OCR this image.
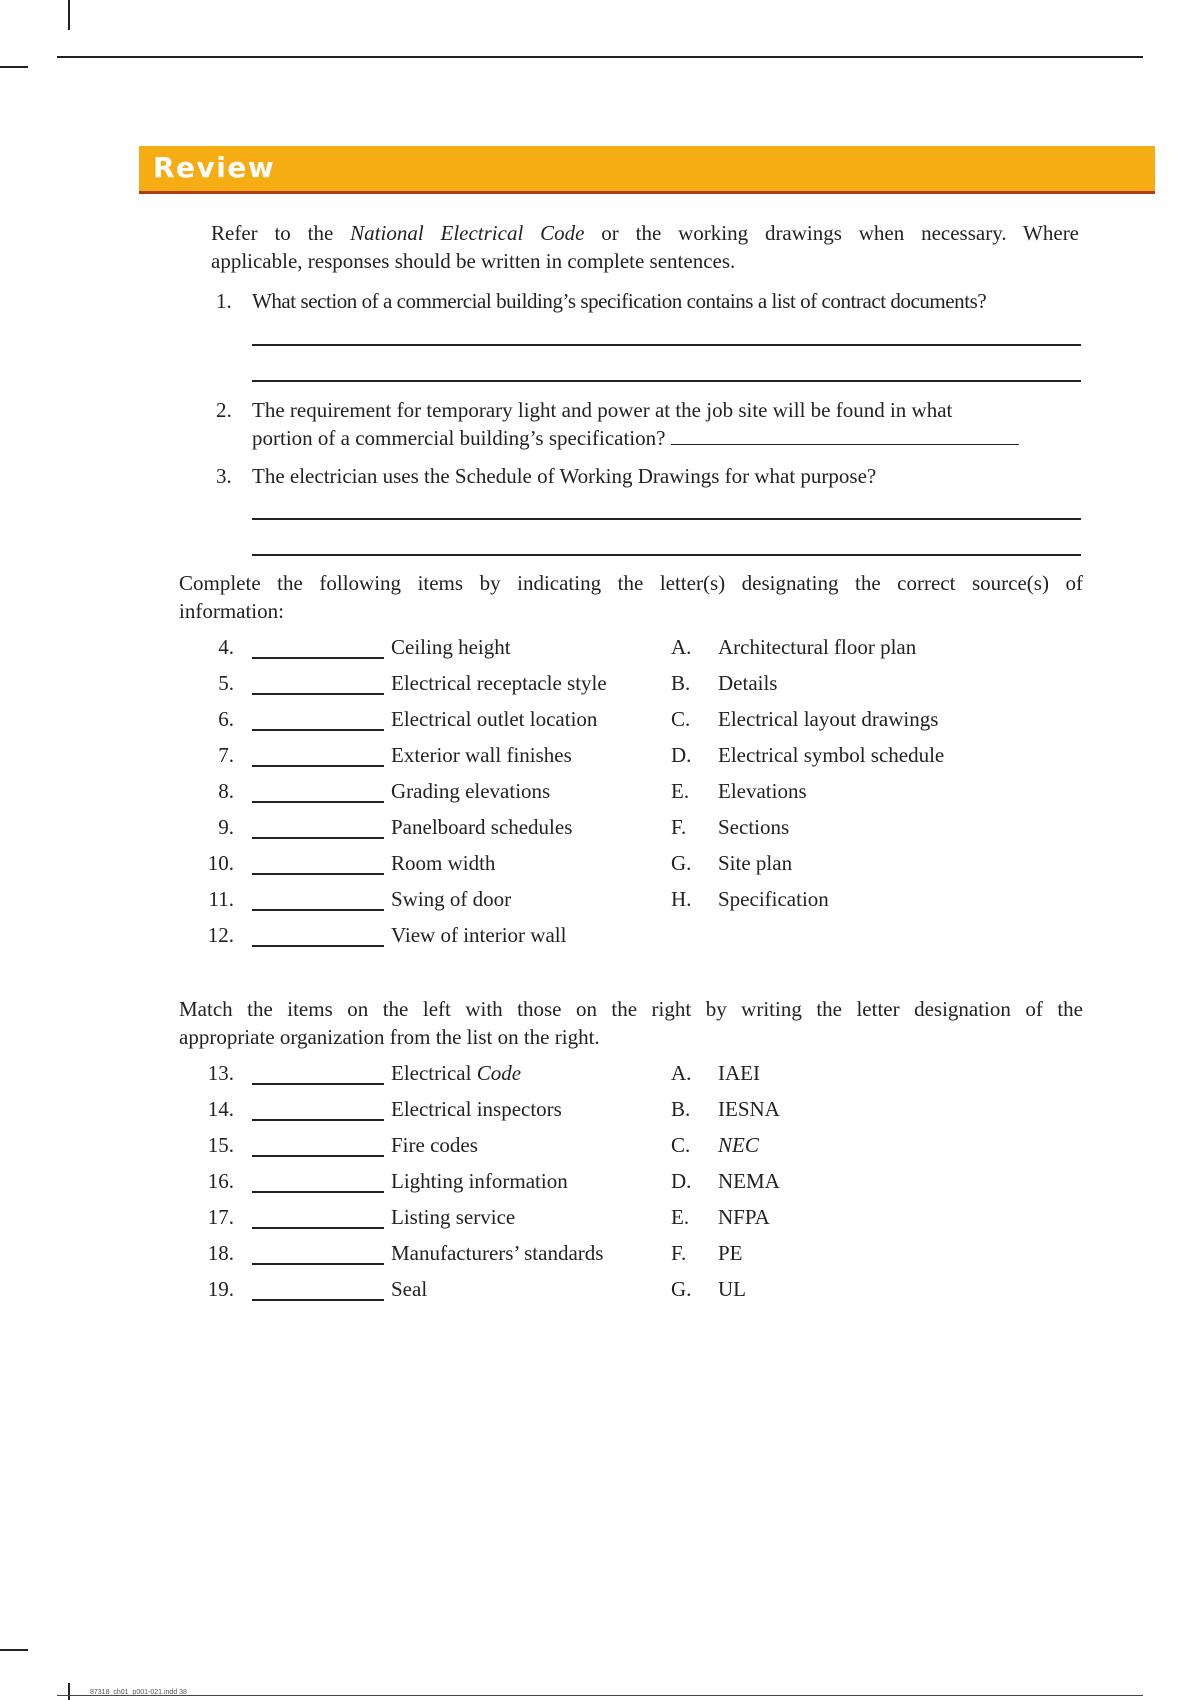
Review
Refer to the National Electrical Code or the working drawings when necessary. Where
applicable, responses should be written in complete sentences.
1. What section of a commercial building’s specification contains a list of contract documents?
2. The requirement for temporary light and power at the job site will be found in what
portion of a commercial building’s specification?
3. The electrician uses the Schedule of Working Drawings for what purpose?
Complete the following items by indicating the letter(s) designating the correct source(s) of
information:
4.	Ceiling height	A. Architectural floor plan
5.	Electrical receptacle style	B. Details
6.	Electrical outlet location	C. Electrical layout drawings
7.	Exterior wall finishes	D. Electrical symbol schedule
8.	Grading elevations	E. Elevations
9.	Panelboard schedules	F. Sections
10.	Room width	G. Site plan
11.	Swing of door	H. Specification
12.	View of interior wall
Match the items on the left with those on the right by writing the letter designation of the
appropriate organization from the list on the right.
13.	Electrical Code	A. IAEI
14.	Electrical inspectors	B. IESNA
15.	Fire codes	C. NEC
16.	Lighting information	D. NEMA
17.	Listing service	E. NFPA
18.	Manufacturers’ standards	F. PE
19.	Seal	G. UL
87318_ch01_p001-021.indd 38
